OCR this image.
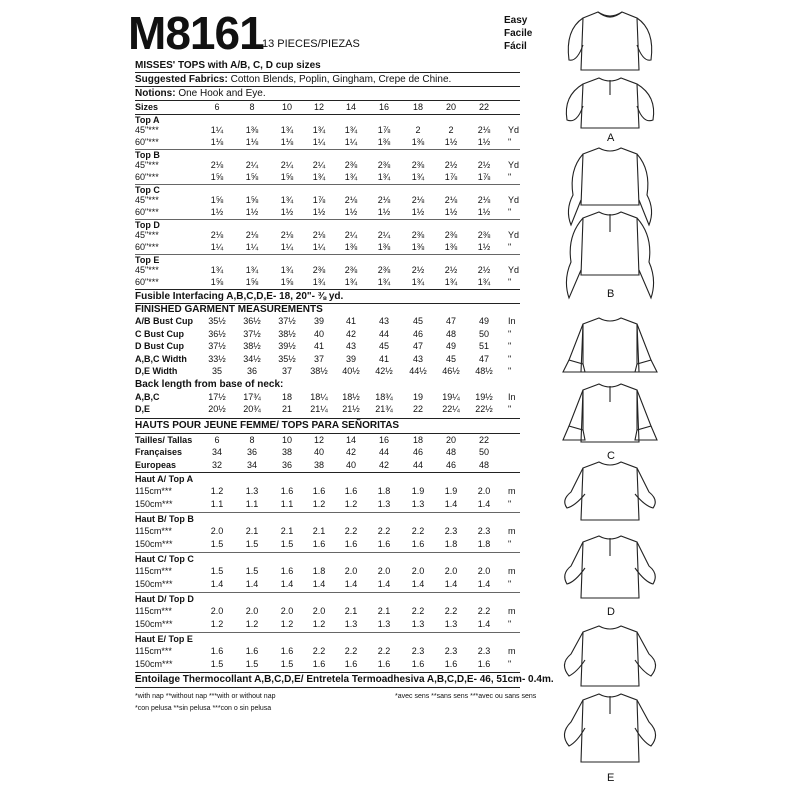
M8161
13 PIECES/PIEZAS
Easy
Facile
Fácil
MISSES' TOPS with A/B, C, D cup sizes
Suggested Fabrics: Cotton Blends, Poplin, Gingham, Crepe de Chine.
Notions: One Hook and Eye.
Sizes	6	8	10	12	14	16	18	20	22
Top A
45"***	1¼	1⅜	1¾	1¾	1¾	1⅞	2	2	2⅛	Yd
60"***	1⅛	1⅛	1⅛	1¼	1¼	1⅜	1⅜	1½	1½	"
Top B
45"***	2⅛	2¼	2¼	2¼	2⅜	2⅜	2⅜	2½	2½	Yd
60"***	1⅝	1⅝	1⅝	1¾	1¾	1¾	1¾	1⅞	1⅞	"
Top C
45"***	1⅝	1⅝	1¾	1⅞	2⅛	2⅛	2⅛	2⅛	2⅛	Yd
60"***	1½	1½	1½	1½	1½	1½	1½	1½	1½	"
Top D
45"***	2⅛	2⅛	2⅛	2⅛	2¼	2¼	2⅜	2⅜	2⅜	Yd
60"***	1¼	1¼	1¼	1¼	1⅜	1⅜	1⅜	1⅜	1½	"
Top E
45"***	1¾	1¾	1¾	2⅜	2⅜	2⅜	2½	2½	2½	Yd
60"***	1⅝	1⅝	1⅝	1¾	1¾	1¾	1¾	1¾	1¾	"
Fusible Interfacing A,B,C,D,E- 18, 20"- ⅜ yd.
FINISHED GARMENT MEASUREMENTS
A/B Bust Cup	35½	36½	37½	39	41	43	45	47	49	In
C Bust Cup	36½	37½	38½	40	42	44	46	48	50	"
D Bust Cup	37½	38½	39½	41	43	45	47	49	51	"
A,B,C Width	33½	34½	35½	37	39	41	43	45	47	"
D,E Width	35	36	37	38½	40½	42½	44½	46½	48½	"
Back length from base of neck:
A,B,C	17½	17¾	18	18¼	18½	18¾	19	19¼	19½	In
D,E	20½	20¾	21	21¼	21½	21¾	22	22¼	22½	"
HAUTS POUR JEUNE FEMME/ TOPS PARA SEÑORITAS
Tailles/ Tallas	6	8	10	12	14	16	18	20	22
Françaises	34	36	38	40	42	44	46	48	50
Europeas	32	34	36	38	40	42	44	46	48
Haut A/ Top A
115cm***	1.2	1.3	1.6	1.6	1.6	1.8	1.9	1.9	2.0	m
150cm***	1.1	1.1	1.1	1.2	1.2	1.3	1.3	1.4	1.4	"
Haut B/ Top B
115cm***	2.0	2.1	2.1	2.1	2.2	2.2	2.2	2.3	2.3	m
150cm***	1.5	1.5	1.5	1.6	1.6	1.6	1.6	1.8	1.8	"
Haut C/ Top C
115cm***	1.5	1.5	1.6	1.8	2.0	2.0	2.0	2.0	2.0	m
150cm***	1.4	1.4	1.4	1.4	1.4	1.4	1.4	1.4	1.4	"
Haut D/ Top D
115cm***	2.0	2.0	2.0	2.0	2.1	2.1	2.2	2.2	2.2	m
150cm***	1.2	1.2	1.2	1.2	1.3	1.3	1.3	1.3	1.4	"
Haut E/ Top E
115cm***	1.6	1.6	1.6	2.2	2.2	2.2	2.3	2.3	2.3	m
150cm***	1.5	1.5	1.5	1.6	1.6	1.6	1.6	1.6	1.6	"
Entoilage Thermocollant A,B,C,D,E/ Entretela Termoadhesiva A,B,C,D,E- 46, 51cm- 0.4m.
*with nap **without nap ***with or without nap
*con pelusa **sin pelusa ***con o sin pelusa
*avec sens **sans sens ***avec ou sans sens
A
B
C
D
E
